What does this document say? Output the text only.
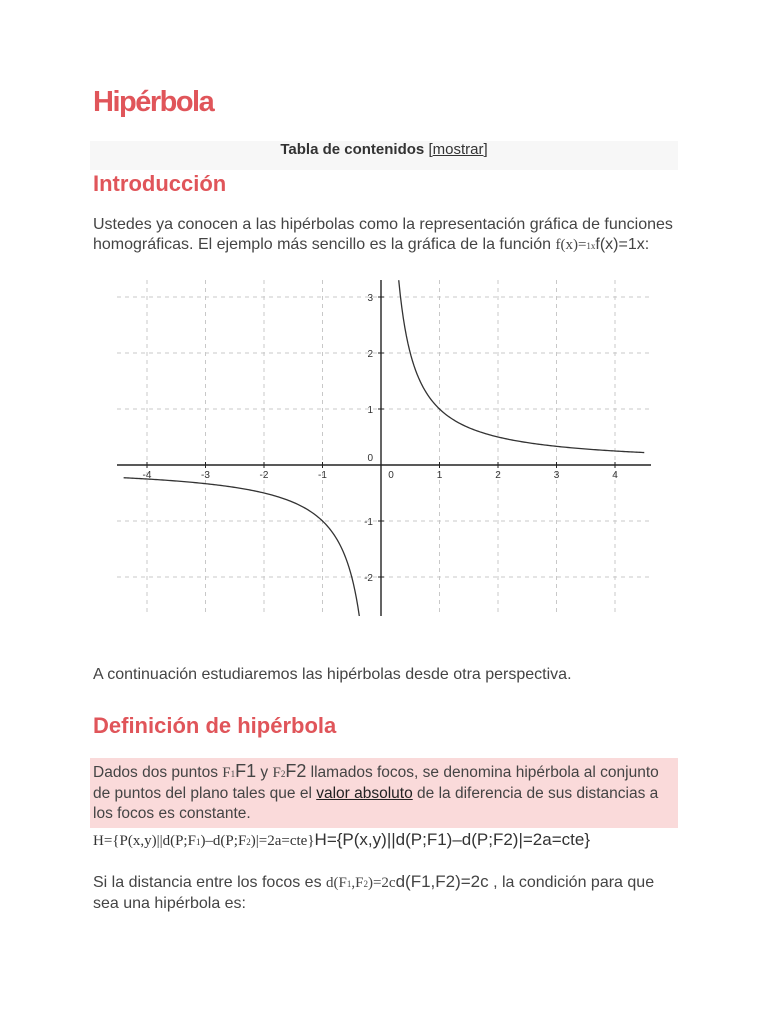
Hipérbola
Tabla de contenidos [mostrar]
Introducción

Ustedes ya conocen a las hipérbolas como la representación gráfica de funciones homográficas. El ejemplo más sencillo es la gráfica de la función f(x)=1xf(x)=1x:

-4	-3	-2	-1	0	1	2	3	4
3
2
1
0
-1
-2

A continuación estudiaremos las hipérbolas desde otra perspectiva.

Definición de hipérbola

Dados dos puntos F1F1 y F2F2 llamados focos, se denomina hipérbola al conjunto de puntos del plano tales que el valor absoluto de la diferencia de sus distancias a los focos es constante.

H={P(x,y)||d(P;F1)–d(P;F2)|=2a=cte}H={P(x,y)||d(P;F1)–d(P;F2)|=2a=cte}

Si la distancia entre los focos es d(F1,F2)=2cd(F1,F2)=2c , la condición para que sea una hipérbola es:
